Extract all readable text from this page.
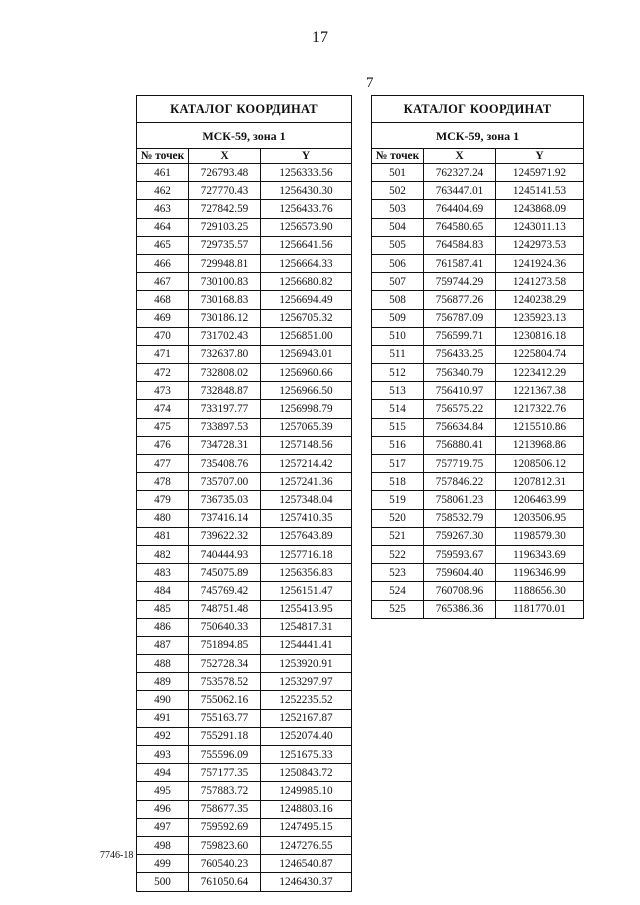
17
7
КАТАЛОГ КООРДИНАТ		
МСК-59, зона 1		
№ точек	X	Y
461	726793.48	1256333.56
462	727770.43	1256430.30
463	727842.59	1256433.76
464	729103.25	1256573.90
465	729735.57	1256641.56
466	729948.81	1256664.33
467	730100.83	1256680.82
468	730168.83	1256694.49
469	730186.12	1256705.32
470	731702.43	1256851.00
471	732637.80	1256943.01
472	732808.02	1256960.66
473	732848.87	1256966.50
474	733197.77	1256998.79
475	733897.53	1257065.39
476	734728.31	1257148.56
477	735408.76	1257214.42
478	735707.00	1257241.36
479	736735.03	1257348.04
480	737416.14	1257410.35
481	739622.32	1257643.89
482	740444.93	1257716.18
483	745075.89	1256356.83
484	745769.42	1256151.47
485	748751.48	1255413.95
486	750640.33	1254817.31
487	751894.85	1254441.41
488	752728.34	1253920.91
489	753578.52	1253297.97
490	755062.16	1252235.52
491	755163.77	1252167.87
492	755291.18	1252074.40
493	755596.09	1251675.33
494	757177.35	1250843.72
495	757883.72	1249985.10
496	758677.35	1248803.16
497	759592.69	1247495.15
498	759823.60	1247276.55
499	760540.23	1246540.87
500	761050.64	1246430.37
КАТАЛОГ КООРДИНАТ		
МСК-59, зона 1		
№ точек	X	Y
501	762327.24	1245971.92
502	763447.01	1245141.53
503	764404.69	1243868.09
504	764580.65	1243011.13
505	764584.83	1242973.53
506	761587.41	1241924.36
507	759744.29	1241273.58
508	756877.26	1240238.29
509	756787.09	1235923.13
510	756599.71	1230816.18
511	756433.25	1225804.74
512	756340.79	1223412.29
513	756410.97	1221367.38
514	756575.22	1217322.76
515	756634.84	1215510.86
516	756880.41	1213968.86
517	757719.75	1208506.12
518	757846.22	1207812.31
519	758061.23	1206463.99
520	758532.79	1203506.95
521	759267.30	1198579.30
522	759593.67	1196343.69
523	759604.40	1196346.99
524	760708.96	1188656.30
525	765386.36	1181770.01
7746-18
